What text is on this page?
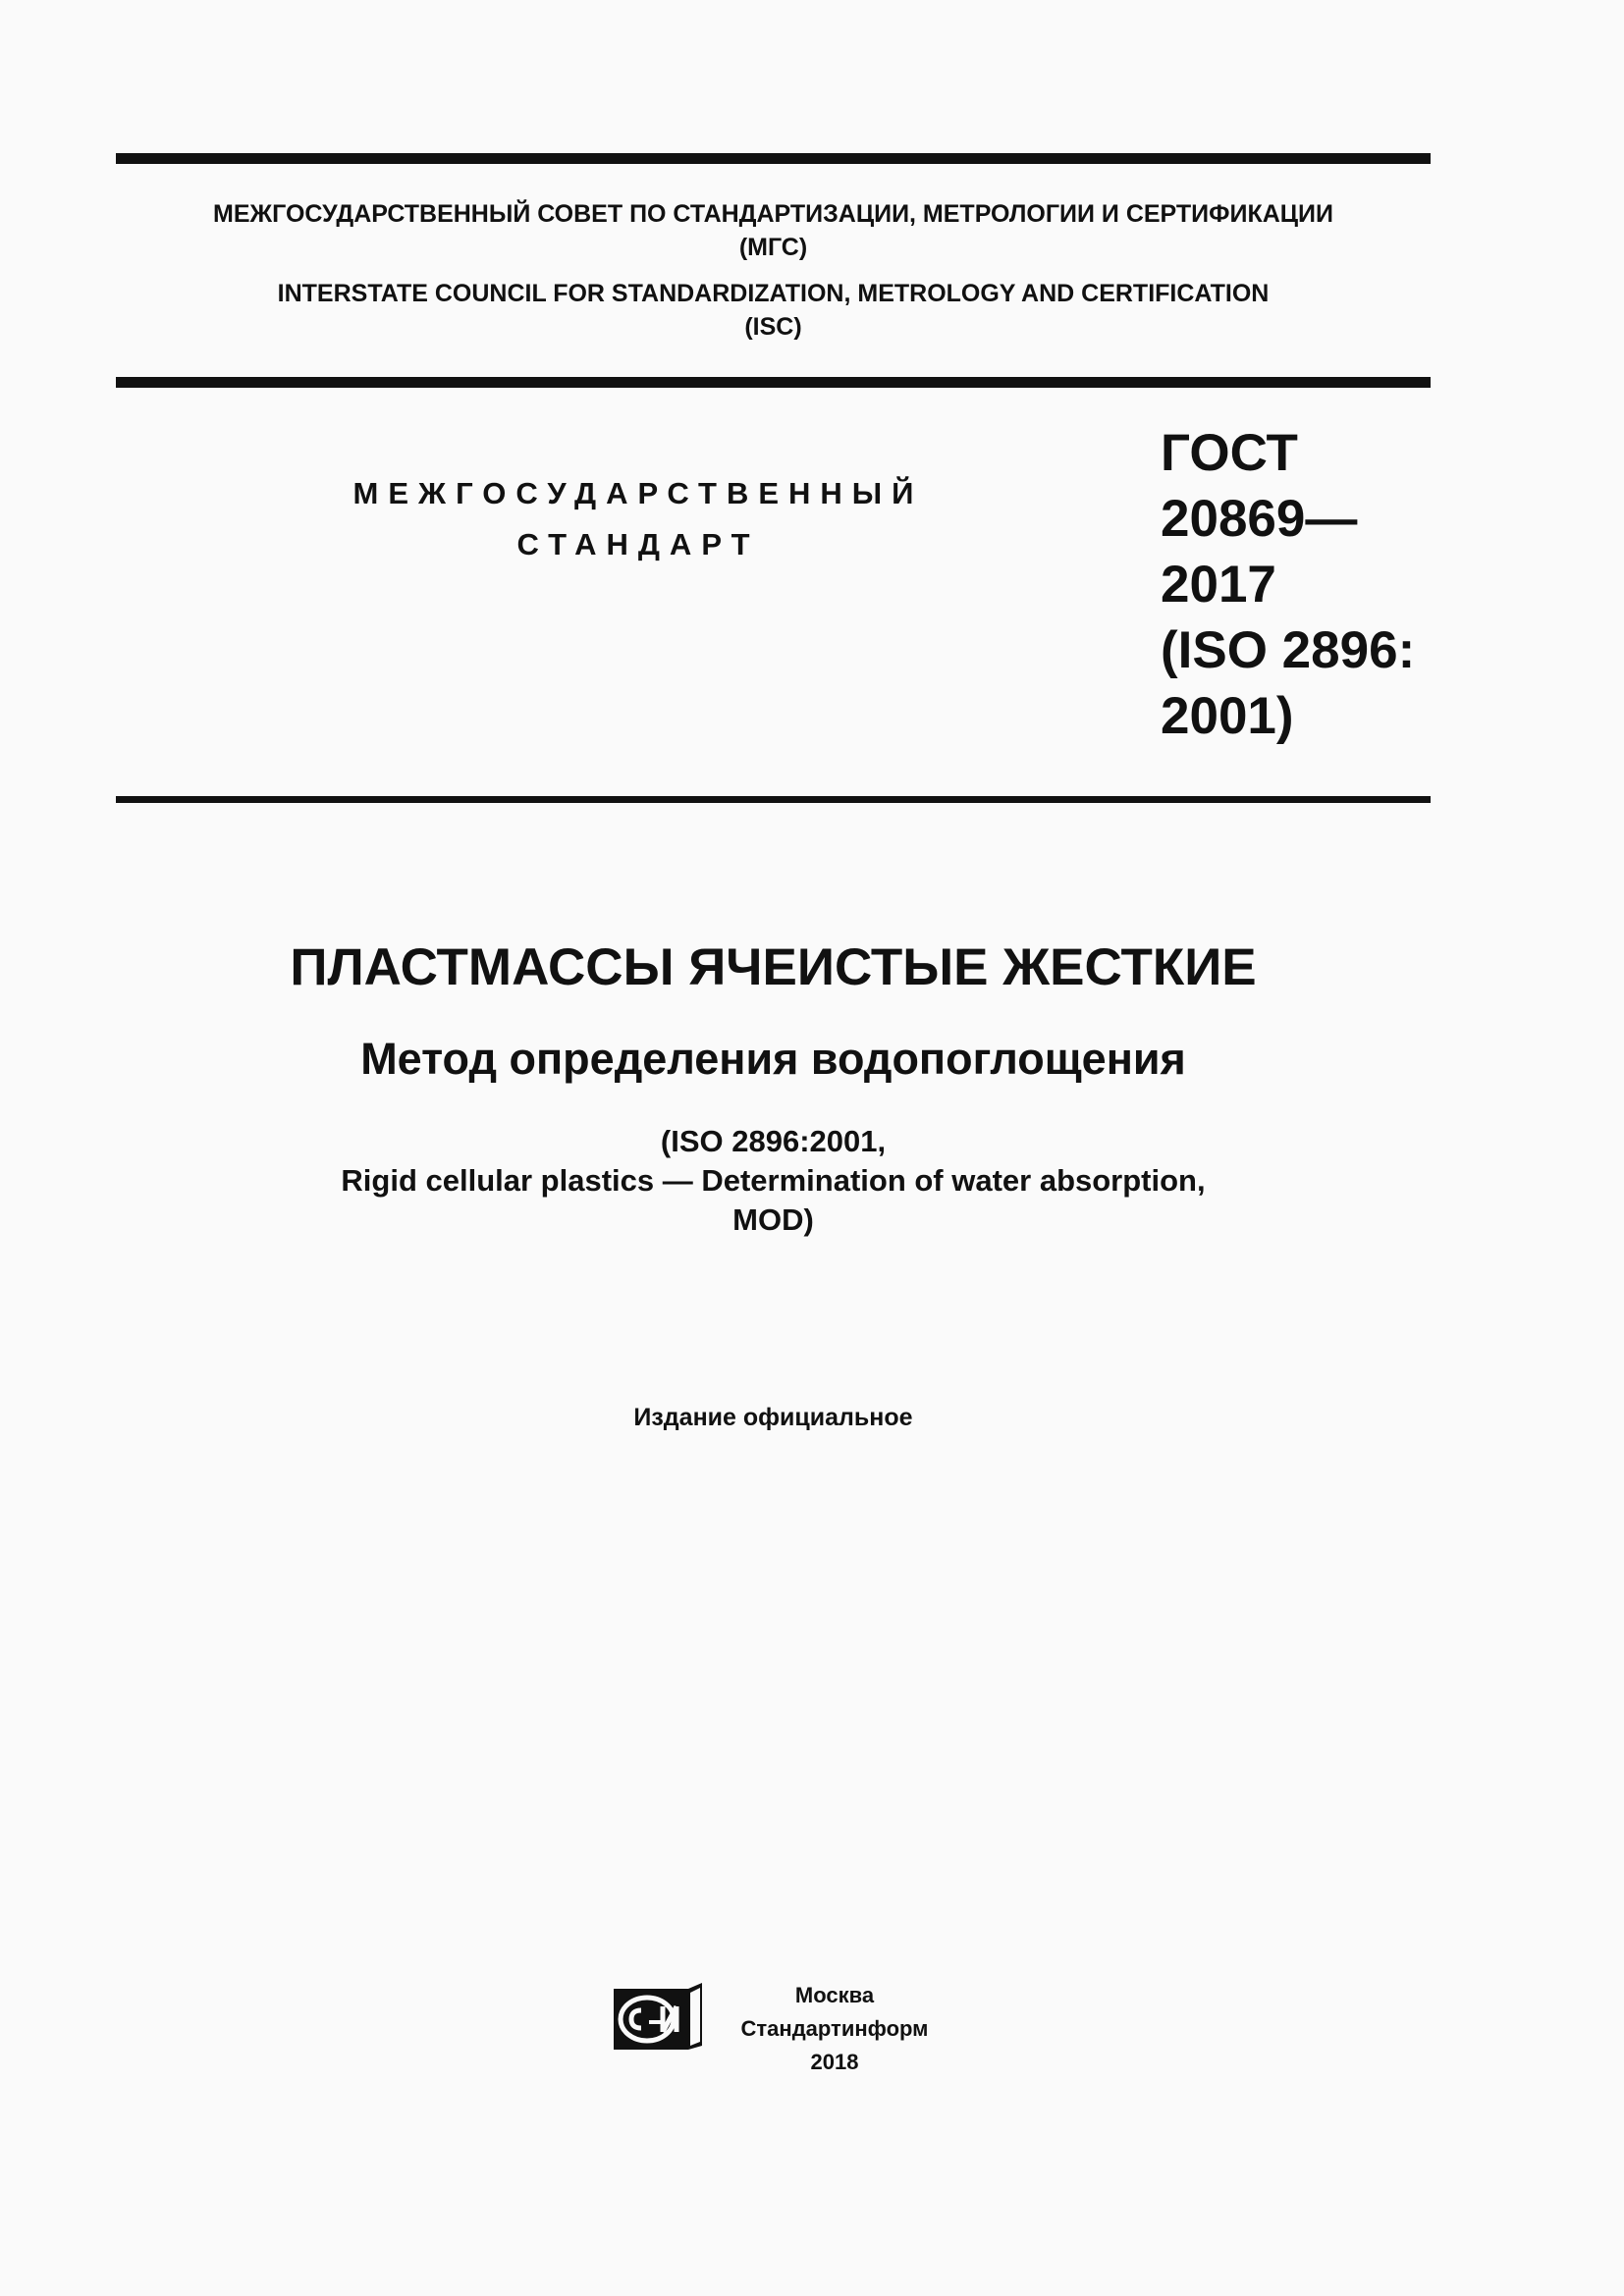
МЕЖГОСУДАРСТВЕННЫЙ СОВЕТ ПО СТАНДАРТИЗАЦИИ, МЕТРОЛОГИИ И СЕРТИФИКАЦИИ
(МГС)
INTERSTATE COUNCIL FOR STANDARDIZATION, METROLOGY AND CERTIFICATION
(ISC)
МЕЖГОСУДАРСТВЕННЫЙ
СТАНДАРТ
ГОСТ
20869—
2017
(ISO 2896:
2001)
ПЛАСТМАССЫ ЯЧЕИСТЫЕ ЖЕСТКИЕ
Метод определения водопоглощения
(ISO 2896:2001,
Rigid cellular plastics — Determination of water absorption,
MOD)
Издание официальное
Москва
Стандартинформ
2018
